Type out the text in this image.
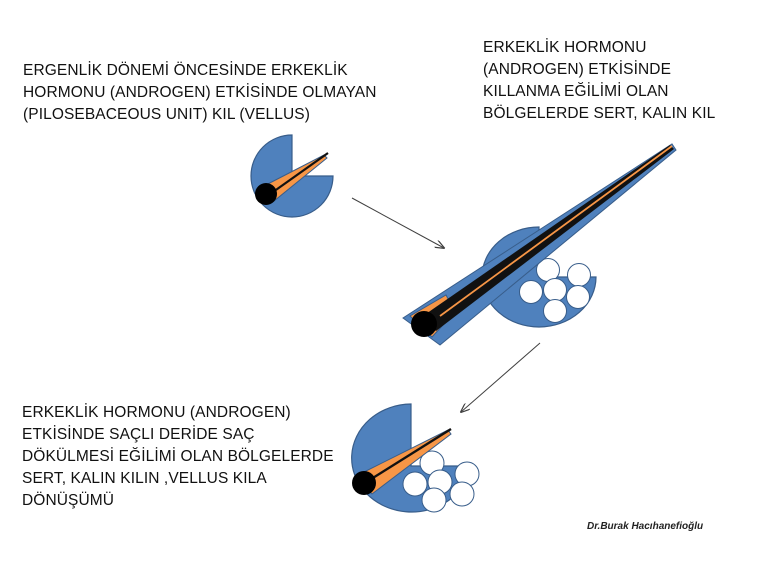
ERGENLİK DÖNEMİ ÖNCESİNDE ERKEKLİK
HORMONU (ANDROGEN) ETKİSİNDE OLMAYAN
(PILOSEBACEOUS UNIT) KIL (VELLUS)
ERKEKLİK HORMONU
(ANDROGEN) ETKİSİNDE
KILLANMA EĞİLİMİ OLAN
BÖLGELERDE SERT, KALIN KIL
ERKEKLİK HORMONU (ANDROGEN)
ETKİSİNDE SAÇLI DERİDE SAÇ
DÖKÜLMESİ EĞİLİMİ OLAN BÖLGELERDE
SERT, KALIN KILIN ,VELLUS KILA
DÖNÜŞÜMÜ
Dr.Burak Hacıhanefioğlu
